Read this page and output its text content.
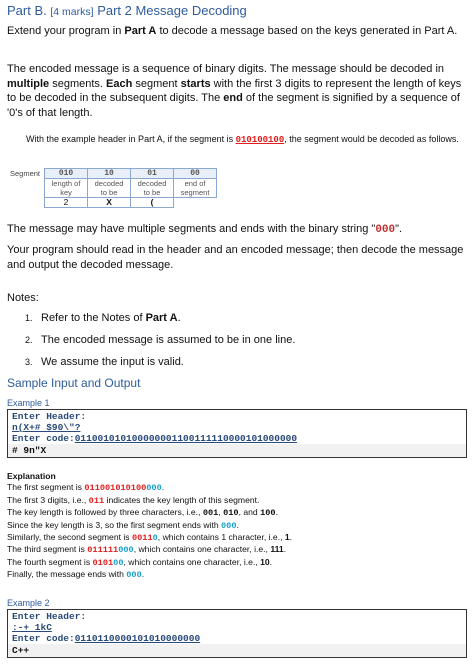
Part B. [4 marks] Part 2 Message Decoding

Extend your program in Part A to decode a message based on the keys generated in Part A.

The encoded message is a sequence of binary digits. The message should be decoded in multiple segments. Each segment starts with the first 3 digits to represent the length of keys to be decoded in the subsequent digits. The end of the segment is signified by a sequence of '0's of that length.

With the example header in Part A, if the segment is 010100100, the segment would be decoded as follows.

Segment	010	10	01	00
	length of	decoded	decoded	end of
	key	to be	to be	segment
	2	X	(	

The message may have multiple segments and ends with the binary string "000".

Your program should read in the header and an encoded message; then decode the message and output the decoded message.

Notes:

1. Refer to the Notes of Part A.
2. The encoded message is assumed to be in one line.
3. We assume the input is valid.

Sample Input and Output

Example 1

Enter Header:
n(X+# $90\"?
Enter code:011001010100000001100111110000101000000
# 9n"X
Explanation
The first segment is 011001010100000.
The first 3 digits, i.e., 011 indicates the key length of this segment.
The key length is followed by three characters, i.e., 001, 010, and 100.
Since the key length is 3, so the first segment ends with 000.
Similarly, the second segment is 00110, which contains 1 character, i.e., 1.
The third segment is 011111000, which contains one character, i.e., 111.
The fourth segment is 010100, which contains one character, i.e., 10.
Finally, the message ends with 000.

Example 2

Enter Header:
:-+ 1kC
Enter code:0110110000101010000000
C++
